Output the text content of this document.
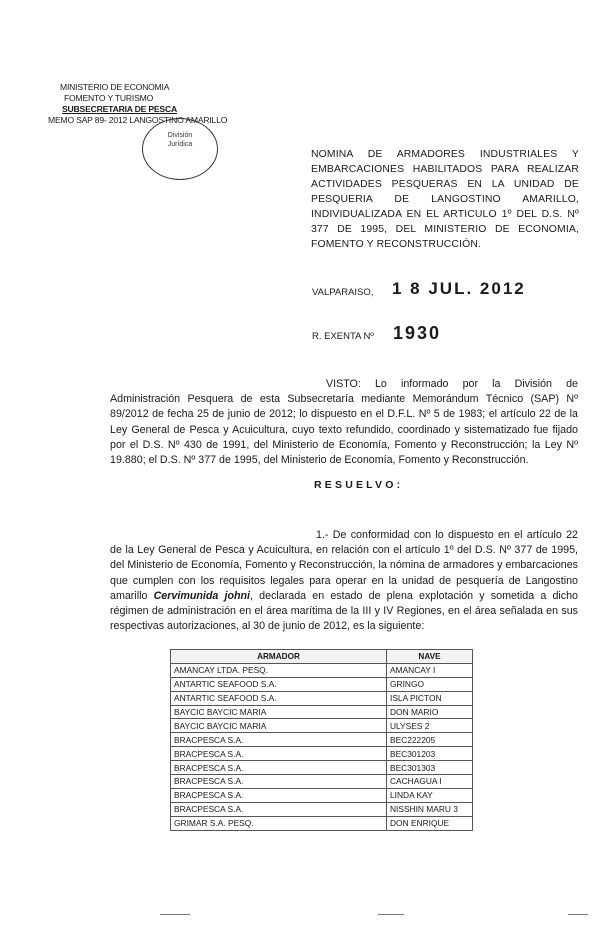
MINISTERIO DE ECONOMIA
FOMENTO Y TURISMO
SUBSECRETARIA DE PESCA
MEMO SAP 89- 2012 LANGOSTINO AMARILLO
División
Jurídica
NOMINA DE ARMADORES INDUSTRIALES Y EMBARCACIONES HABILITADOS PARA REALIZAR ACTIVIDADES PESQUERAS EN LA UNIDAD DE PESQUERIA DE LANGOSTINO AMARILLO, INDIVIDUALIZADA EN EL ARTICULO 1º DEL D.S. Nº 377 DE 1995, DEL MINISTERIO DE ECONOMIA, FOMENTO Y RECONSTRUCCIÓN.
VALPARAISO, 1 8 JUL. 2012
R. EXENTA Nº 1930
VISTO: Lo informado por la División de Administración Pesquera de esta Subsecretaría mediante Memorándum Técnico (SAP) Nº 89/2012 de fecha 25 de junio de 2012; lo dispuesto en el D.F.L. Nº 5 de 1983; el artículo 22 de la Ley General de Pesca y Acuicultura, cuyo texto refundido, coordinado y sistematizado fue fijado por el D.S. Nº 430 de 1991, del Ministerio de Economía, Fomento y Reconstrucción; la Ley Nº 19.880; el D.S. Nº 377 de 1995, del Ministerio de Economía, Fomento y Reconstrucción.
RESUELVO:
1.- De conformidad con lo dispuesto en el artículo 22 de la Ley General de Pesca y Acuicultura, en relación con el artículo 1º del D.S. Nº 377 de 1995, del Ministerio de Economía, Fomento y Reconstrucción, la nómina de armadores y embarcaciones que cumplen con los requisitos legales para operar en la unidad de pesquería de Langostino amarillo Cervimunida johni, declarada en estado de plena explotación y sometida a dicho régimen de administración en el área marítima de la III y IV Regiones, en el área señalada en sus respectivas autorizaciones, al 30 de junio de 2012, es la siguiente:
ARMADOR	NAVE
AMANCAY LTDA. PESQ.	AMANCAY I
ANTARTIC SEAFOOD S.A.	GRINGO
ANTARTIC SEAFOOD S.A.	ISLA PICTON
BAYCIC BAYCIC MARIA	DON MARIO
BAYCIC BAYCIC MARIA	ULYSES 2
BRACPESCA S.A.	BEC222205
BRACPESCA S.A.	BEC301203
BRACPESCA S.A.	BEC301303
BRACPESCA S.A.	CACHAGUA I
BRACPESCA S.A.	LINDA KAY
BRACPESCA S.A.	NISSHIN MARU 3
GRIMAR S.A. PESQ.	DON ENRIQUE
